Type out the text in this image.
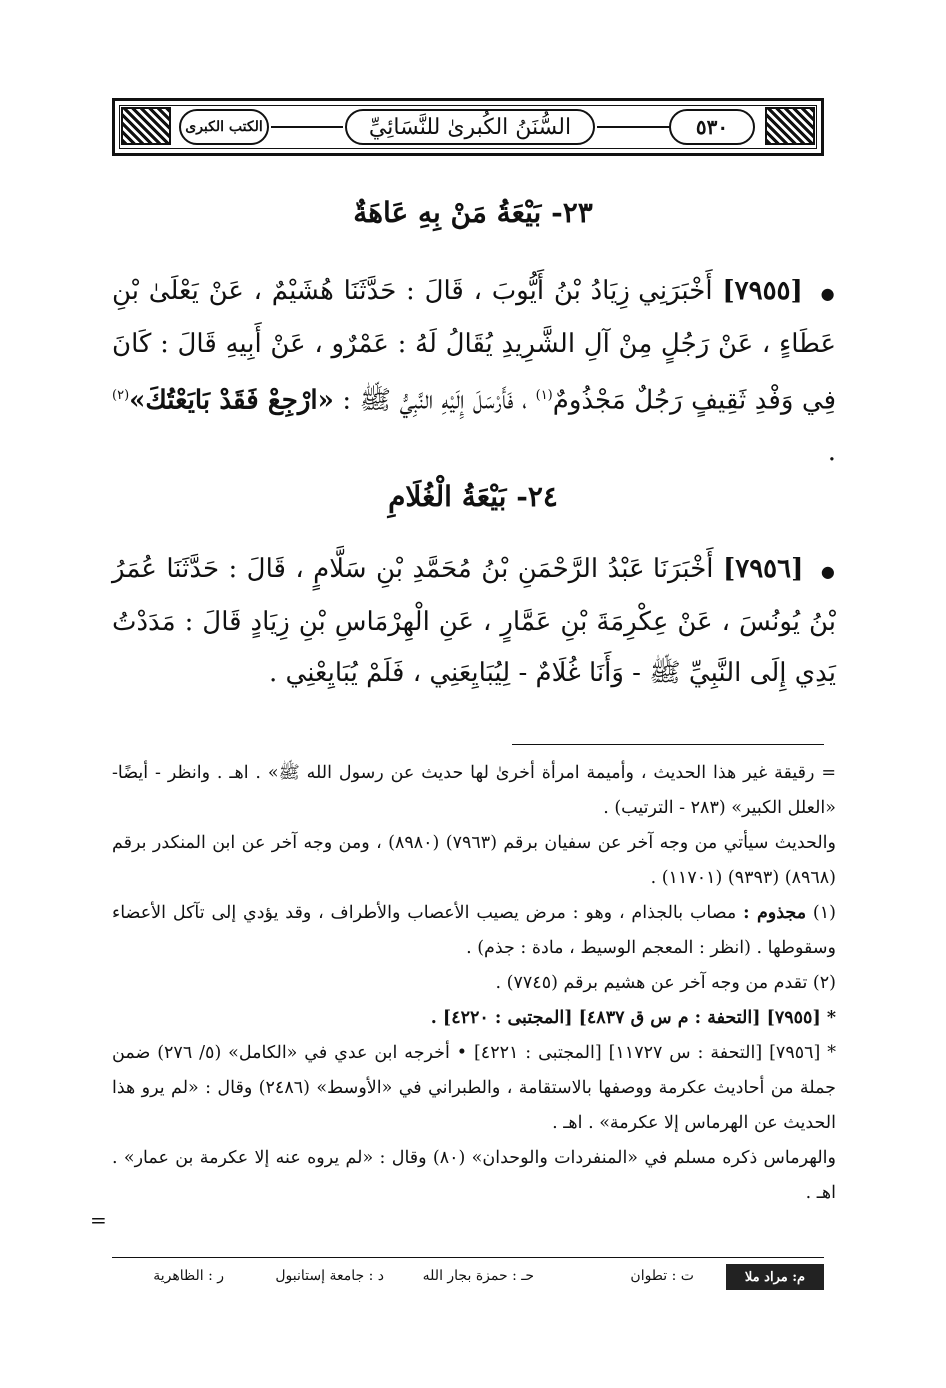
الكتب الكبرى	السُّنَنُ الكُبرىٰ للنَّسَائِيِّ	٥٣٠
٢٣- بَيْعَةُ مَنْ بِهِ عَاهَةٌ
● [٧٩٥٥] أَخْبَرَنِي زِيَادُ بْنُ أَيُّوبَ ، قَالَ : حَدَّثَنَا هُشَيْمٌ ، عَنْ يَعْلَىٰ بْنِ عَطَاءٍ ، عَنْ رَجُلٍ مِنْ آلِ الشَّرِيدِ يُقَالُ لَهُ : عَمْرٌو ، عَنْ أَبِيهِ قَالَ : كَانَ فِي وَفْدِ ثَقِيفٍ رَجُلٌ مَجْذُومٌ$^{(١)}$ ، فَأَرْسَلَ إِلَيْهِ النَّبِيُّ ﷺ : «ارْجِعْ فَقَدْ بَايَعْتُكَ»$^{(٢)}$ .
٢٤- بَيْعَةُ الْغُلَامِ
● [٧٩٥٦] أَخْبَرَنَا عَبْدُ الرَّحْمَنِ بْنُ مُحَمَّدِ بْنِ سَلَّامٍ ، قَالَ : حَدَّثَنَا عُمَرُ بْنُ يُونُسَ ، عَنْ عِكْرِمَةَ بْنِ عَمَّارٍ ، عَنِ الْهِرْمَاسِ بْنِ زِيَادٍ قَالَ : مَدَدْتُ يَدِي إِلَى النَّبِيِّ ﷺ - وَأَنَا غُلَامٌ - لِيُبَايِعَنِي ، فَلَمْ يُبَايِعْنِي .
= رقيقة غير هذا الحديث ، وأميمة امرأة أخرىٰ لها حديث عن رسول الله ﷺ» . اهـ . وانظر - أيضًا- «العلل الكبير» (٢٨٣ - الترتيب) .
والحديث سيأتي من وجه آخر عن سفيان برقم (٧٩٦٣) (٨٩٨٠) ، ومن وجه آخر عن ابن المنكدر برقم (٨٩٦٨) (٩٣٩٣) (١١٧٠١) .
(١) مجذوم : مصاب بالجذام ، وهو : مرض يصيب الأعصاب والأطراف ، وقد يؤدي إلى تآكل الأعضاء وسقوطها . (انظر : المعجم الوسيط ، مادة : جذم) .
(٢) تقدم من وجه آخر عن هشيم برقم (٧٧٤٥) .
* [٧٩٥٥] [التحفة : م س ق ٤٨٣٧] [المجتبى : ٤٢٢٠] .
* [٧٩٥٦] [التحفة : س ١١٧٢٧] [المجتبى : ٤٢٢١] • أخرجه ابن عدي في «الكامل» (٥/ ٢٧٦) ضمن جملة من أحاديث عكرمة ووصفها بالاستقامة ، والطبراني في «الأوسط» (٢٤٨٦) وقال : «لم يرو هذا الحديث عن الهرماس إلا عكرمة» . اهـ .
والهرماس ذكره مسلم في «المنفردات والوحدان» (٨٠) وقال : «لم يروه عنه إلا عكرمة بن عمار» . اهـ .
=
م: مراد ملا
ت : تطوان
حـ : حمزة بجار الله
د : جامعة إستانبول
ر : الظاهرية
